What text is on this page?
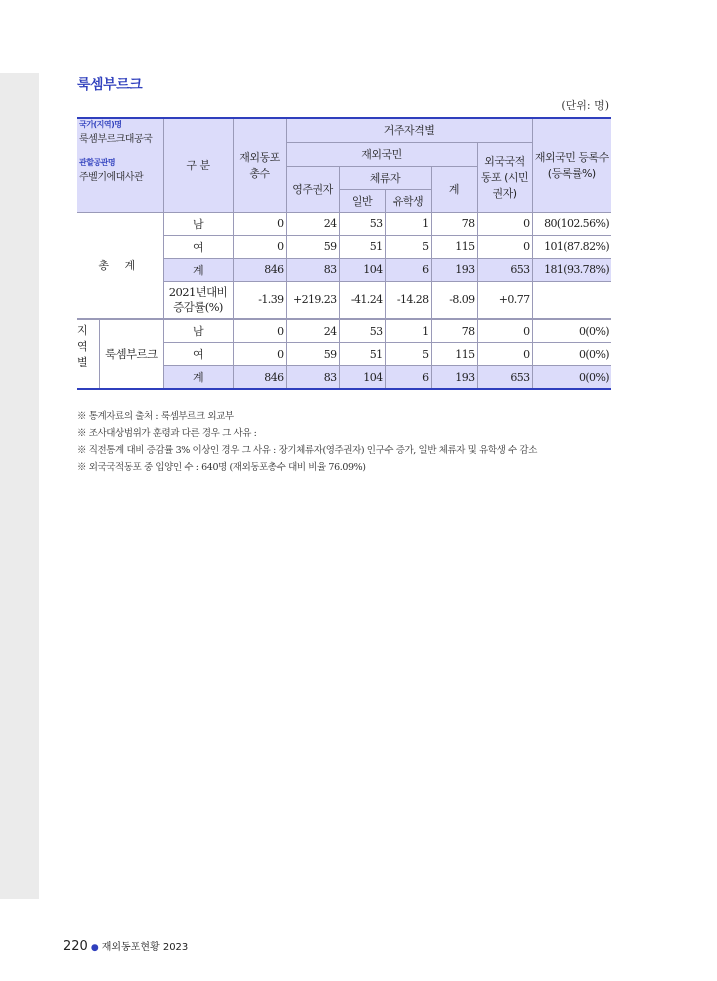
룩셈부르크
(단위: 명)
국가(지역)명
룩셈부르크대공국
관할공관명
주벨기에대사관	구 분	재외동포 총수	거주자격별					재외국민 등록수 (등록률%)
			재외국민				외국국적동포 (시민권자)	
			영주권자	체류자		계		
				일반	유학생			
총 계	남	0	24	53	1	78	0	80(102.56%)
	여	0	59	51	5	115	0	101(87.82%)
	계	846	83	104	6	193	653	181(93.78%)
	2021년대비 증감률(%)	-1.39	+219.23	-41.24	-14.28	-8.09	+0.77	

지 역 별
룩셈부르크	남	0	24	53	1	78	0	0(0%)
	여	0	59	51	5	115	0	0(0%)
	계	846	83	104	6	193	653	0(0%)
※ 통계자료의 출처 : 룩셈부르크 외교부
※ 조사대상범위가 훈령과 다른 경우 그 사유 :
※ 직전통계 대비 증감률 3% 이상인 경우 그 사유 : 장기체류자(영주권자) 인구수 증가, 일반 체류자 및 유학생 수 감소
※ 외국국적동포 중 입양인 수 : 640명 (재외동포총수 대비 비율 76.09%)
220 ● 재외동포현황 2023
